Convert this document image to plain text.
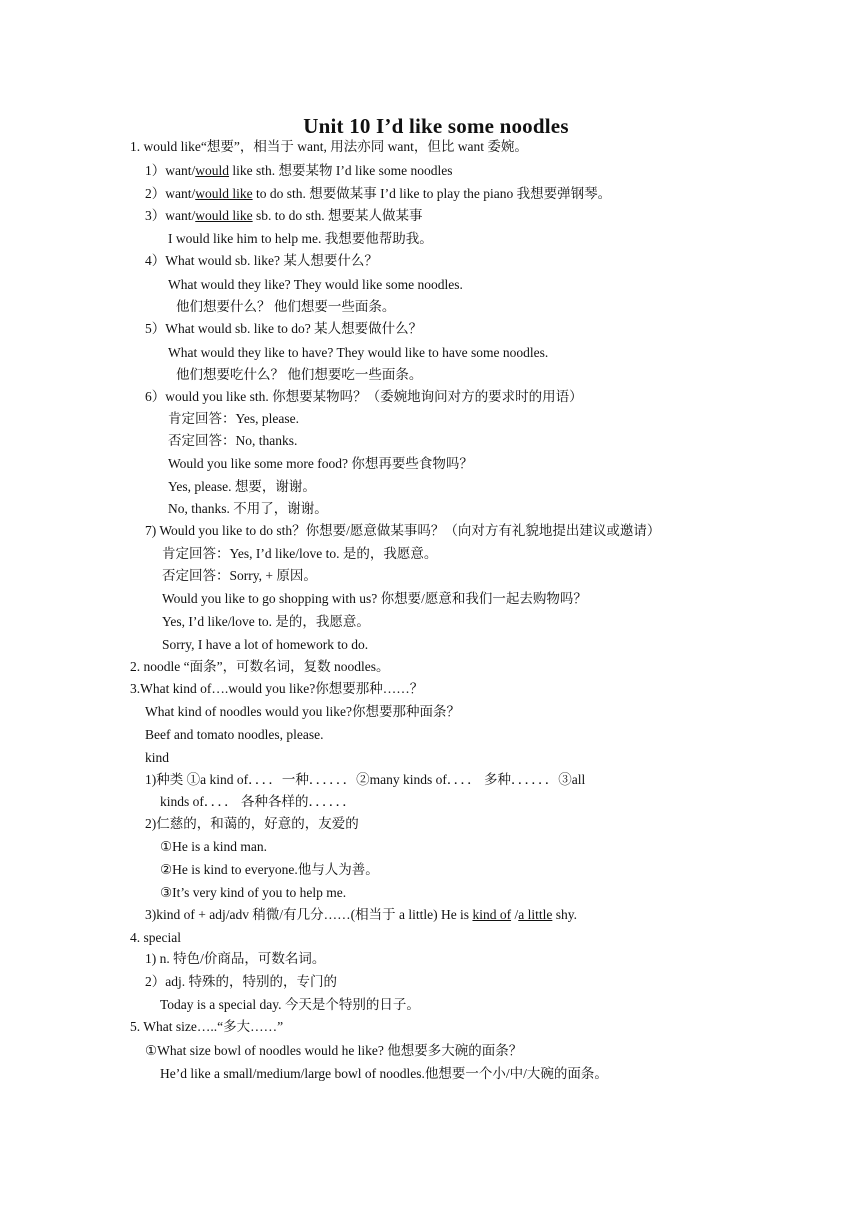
Unit 10 I’d like some noodles
1. would like“想要”，相当于 want, 用法亦同 want，但比 want 委婉。
1）want/would like sth. 想要某物 I’d like some noodles
2）want/would like to do sth. 想要做某事 I’d like to play the piano 我想要弹钢琴。
3）want/would like sb. to do sth. 想要某人做某事
I would like him to help me. 我想要他帮助我。
4）What would sb. like? 某人想要什么？
What would they like? They would like some noodles.
他们想要什么？ 他们想要一些面条。
5）What would sb. like to do? 某人想要做什么？
What would they like to have? They would like to have some noodles.
他们想要吃什么？ 他们想要吃一些面条。
6）would you like sth. 你想要某物吗？（委婉地询问对方的要求时的用语）
肯定回答：Yes, please.
否定回答：No, thanks.
Would you like some more food? 你想再要些食物吗？
Yes, please. 想要，谢谢。
No, thanks. 不用了，谢谢。
7) Would you like to do sth？你想要/愿意做某事吗？（向对方有礼貌地提出建议或邀请）
肯定回答：Yes, I’d like/love to. 是的，我愿意。
否定回答：Sorry, + 原因。
Would you like to go shopping with us? 你想要/愿意和我们一起去购物吗？
Yes, I’d like/love to. 是的，我愿意。
Sorry, I have a lot of homework to do.
2. noodle “面条”，可数名词，复数 noodles。
3.What kind of….would you like?你想要那种……？
What kind of noodles would you like?你想要那种面条？
Beef and tomato noodles, please.
kind
1)种类 ①a kind of．．．．一种．．．．．．②many kinds of．．．． 多种．．．．．．③all
kinds of．．．． 各种各样的．．．．．．
2)仁慈的，和蔼的，好意的，友爱的
①He is a kind man.
②He is kind to everyone.他与人为善。
③It’s very kind of you to help me.
3)kind of + adj/adv 稍微/有几分……(相当于 a little) He is kind of /a little shy.
4. special
1) n. 特色/价商品，可数名词。
2）adj. 特殊的，特别的，专门的
Today is a special day. 今天是个特别的日子。
5. What size…..“多大……”
①What size bowl of noodles would he like? 他想要多大碗的面条？
He’d like a small/medium/large bowl of noodles.他想要一个小/中/大碗的面条。
